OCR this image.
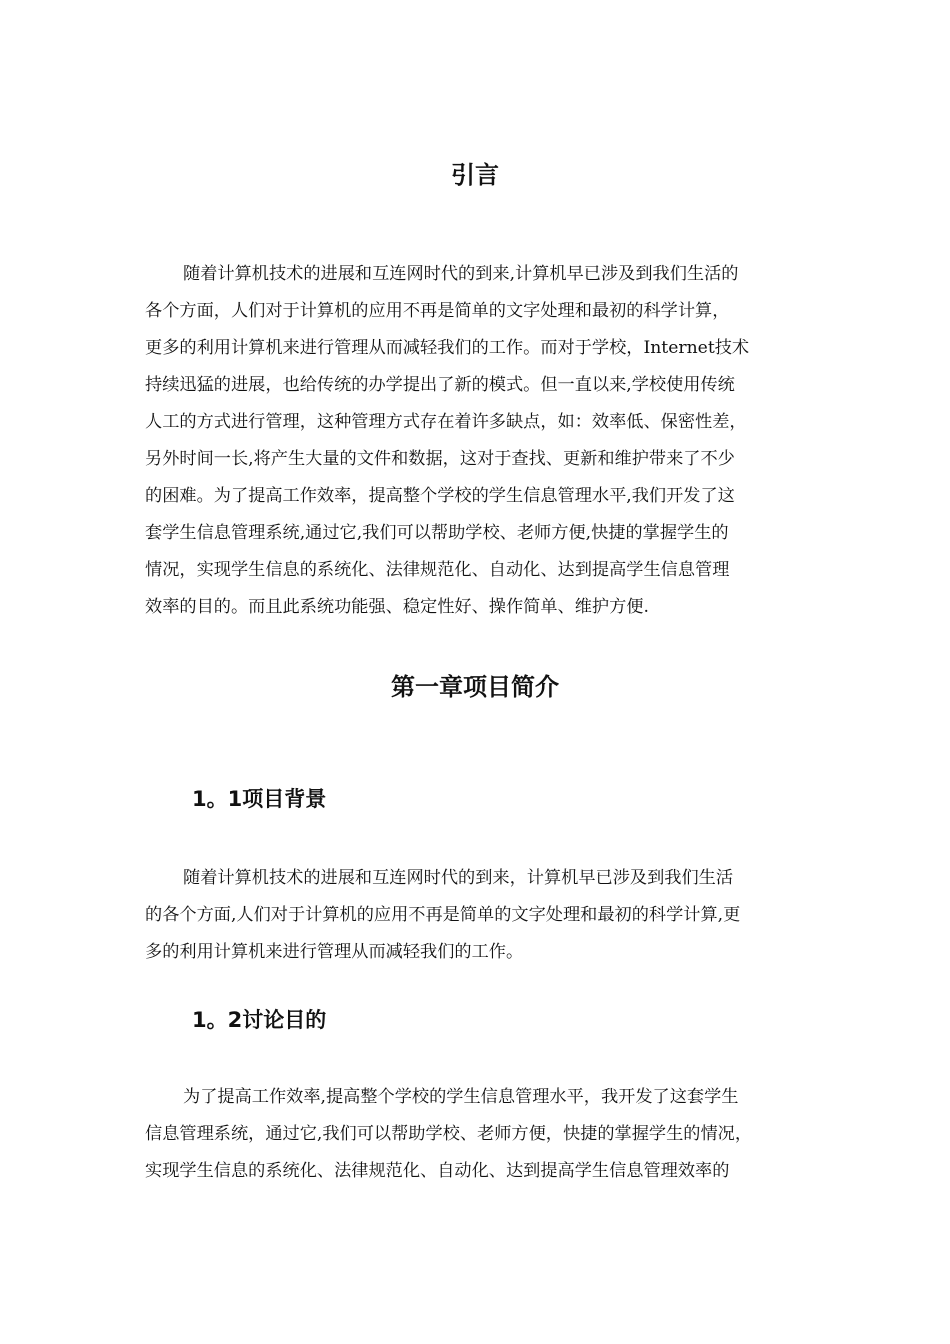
引言
随着计算机技术的进展和互连网时代的到来,计算机早已涉及到我们生活的
各个方面，人们对于计算机的应用不再是简单的文字处理和最初的科学计算，
更多的利用计算机来进行管理从而减轻我们的工作。而对于学校，Internet技术
持续迅猛的进展，也给传统的办学提出了新的模式。但一直以来,学校使用传统
人工的方式进行管理，这种管理方式存在着许多缺点，如：效率低、保密性差，
另外时间一长,将产生大量的文件和数据，这对于查找、更新和维护带来了不少
的困难。为了提高工作效率，提高整个学校的学生信息管理水平,我们开发了这
套学生信息管理系统,通过它,我们可以帮助学校、老师方便,快捷的掌握学生的
情况，实现学生信息的系统化、法律规范化、自动化、达到提高学生信息管理
效率的目的。而且此系统功能强、稳定性好、操作简单、维护方便.
第一章项目简介
1。1项目背景
随着计算机技术的进展和互连网时代的到来，计算机早已涉及到我们生活
的各个方面,人们对于计算机的应用不再是简单的文字处理和最初的科学计算,更
多的利用计算机来进行管理从而减轻我们的工作。
1。2讨论目的
为了提高工作效率,提高整个学校的学生信息管理水平，我开发了这套学生
信息管理系统，通过它,我们可以帮助学校、老师方便，快捷的掌握学生的情况，
实现学生信息的系统化、法律规范化、自动化、达到提高学生信息管理效率的
